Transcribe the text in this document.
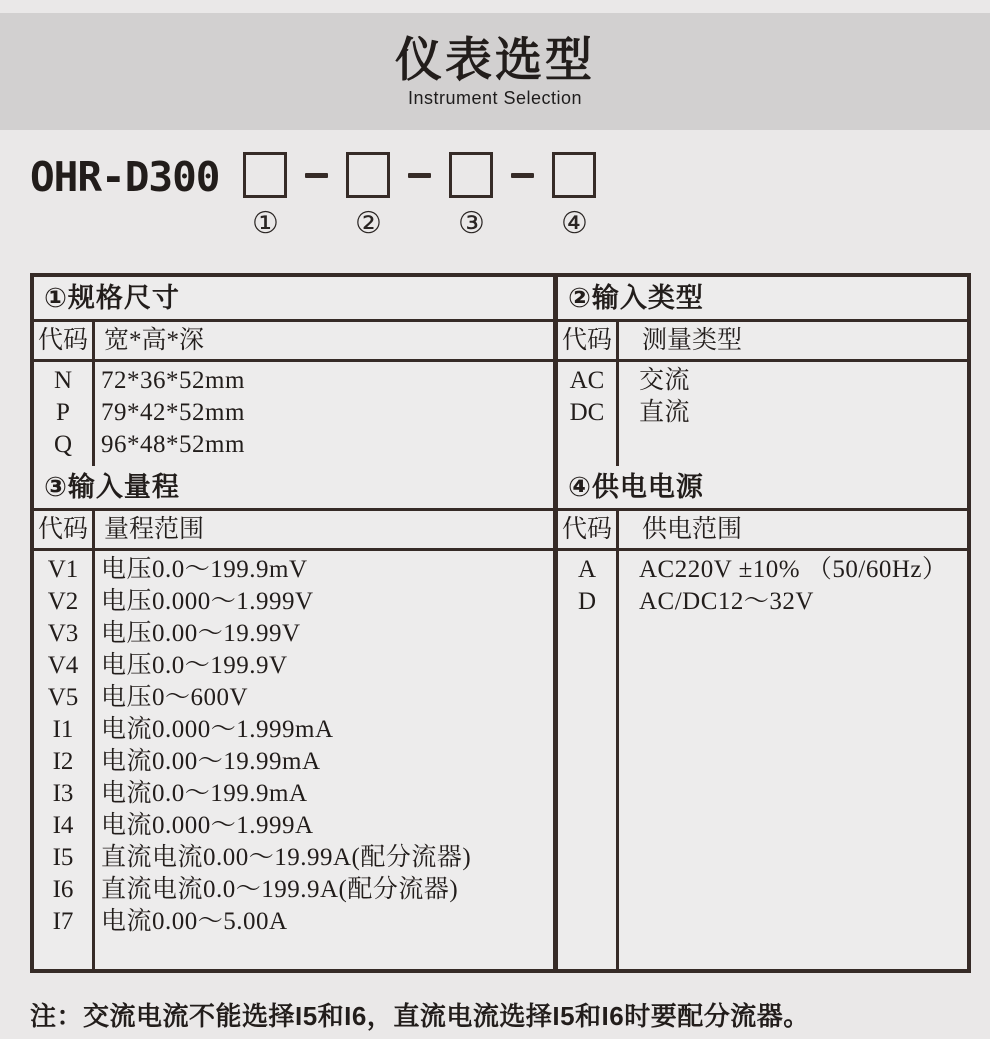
仪表选型
Instrument Selection
OHR-D300
①	②	③	④
①规格尺寸
代码 宽*高*深
N	72*36*52mm
P	79*42*52mm
Q	96*48*52mm
③输入量程
代码 量程范围
V1 电压0.0～199.9mV
V2 电压0.000～1.999V
V3 电压0.00～19.99V
V4 电压0.0～199.9V
V5 电压0～600V
I1	电流0.000～1.999mA
I2	电流0.00～19.99mA
I3	电流0.0～199.9mA
I4	电流0.000～1.999A
I5	直流电流0.00～19.99A(配分流器)
I6	直流电流0.0～199.9A(配分流器)
I7	电流0.00～5.00A
②输入类型
代码	测量类型
AC	交流
DC	直流
④供电电源
代码	供电范围
A	AC220V ±10% （50/60Hz）
D	AC/DC12～32V
注：交流电流不能选择I5和I6，直流电流选择I5和I6时要配分流器。
